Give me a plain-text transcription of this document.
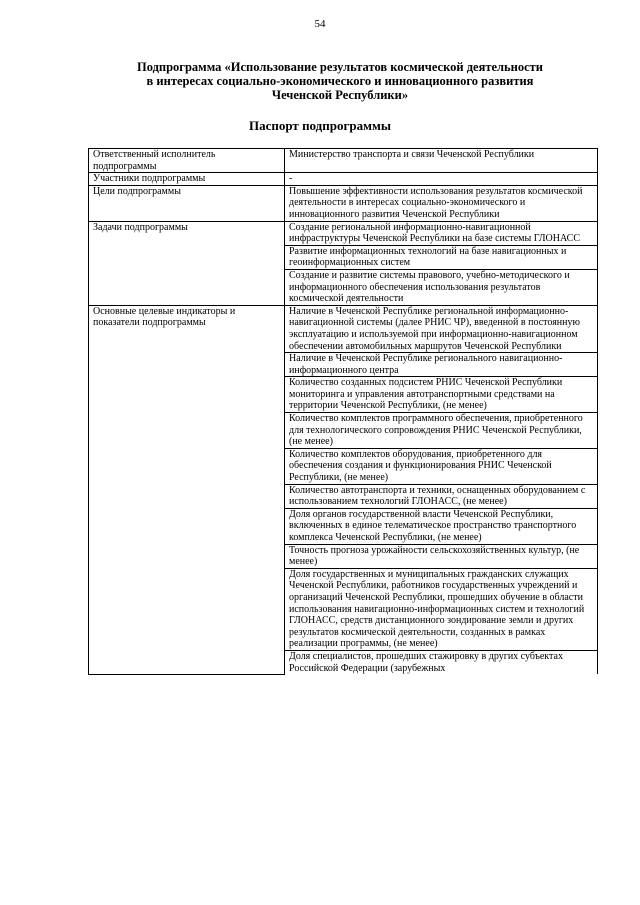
54
Подпрограмма «Использование результатов космической деятельности
в интересах социально-экономического и инновационного развития
Чеченской Республики»
Паспорт подпрограммы
Ответственный исполнитель подпрограммы	Министерство транспорта и связи Чеченской Республики
Участники подпрограммы	-
Цели подпрограммы	Повышение эффективности использования результатов космической деятельности в интересах социально-экономического и инновационного развития Чеченской Республики
Задачи подпрограммы	Создание региональной информационно-навигационной инфраструктуры Чеченской Республики на базе системы ГЛОНАСС
	Развитие информационных технологий на базе навигационных и геоинформационных систем
	Создание и развитие системы правового, учебно-методического и информационного обеспечения использования результатов космической деятельности
Основные целевые индикаторы и показатели подпрограммы	Наличие в Чеченской Республике региональной информационно-навигационной системы (далее РНИС ЧР), введенной в постоянную эксплуатацию и используемой при информационно-навигационном обеспечении автомобильных маршрутов Чеченской Республики
	Наличие в Чеченской Республике регионального навигационно-информационного центра
	Количество созданных подсистем РНИС Чеченской Республики мониторинга и управления автотранспортными средствами на территории Чеченской Республики, (не менее)
	Количество комплектов программного обеспечения, приобретенного для технологического сопровождения РНИС Чеченской Республики, (не менее)
	Количество комплектов оборудования, приобретенного для обеспечения создания и функционирования РНИС Чеченской Республики, (не менее)
	Количество автотранспорта и техники, оснащенных оборудованием с использованием технологий ГЛОНАСС, (не менее)
	Доля органов государственной власти Чеченской Республики, включенных в единое телематическое пространство транспортного комплекса Чеченской Республики, (не менее)
	Точность прогноза урожайности сельскохозяйственных культур, (не менее)
	Доля государственных и муниципальных гражданских служащих Чеченской Республики, работников государственных учреждений и организаций Чеченской Республики, прошедших обучение в области использования навигационно-информационных систем и технологий ГЛОНАСС, средств дистанционного зондирование земли и других результатов космической деятельности, созданных в рамках реализации программы, (не менее)
	Доля специалистов, прошедших стажировку в других субъектах Российской Федерации (зарубежных
